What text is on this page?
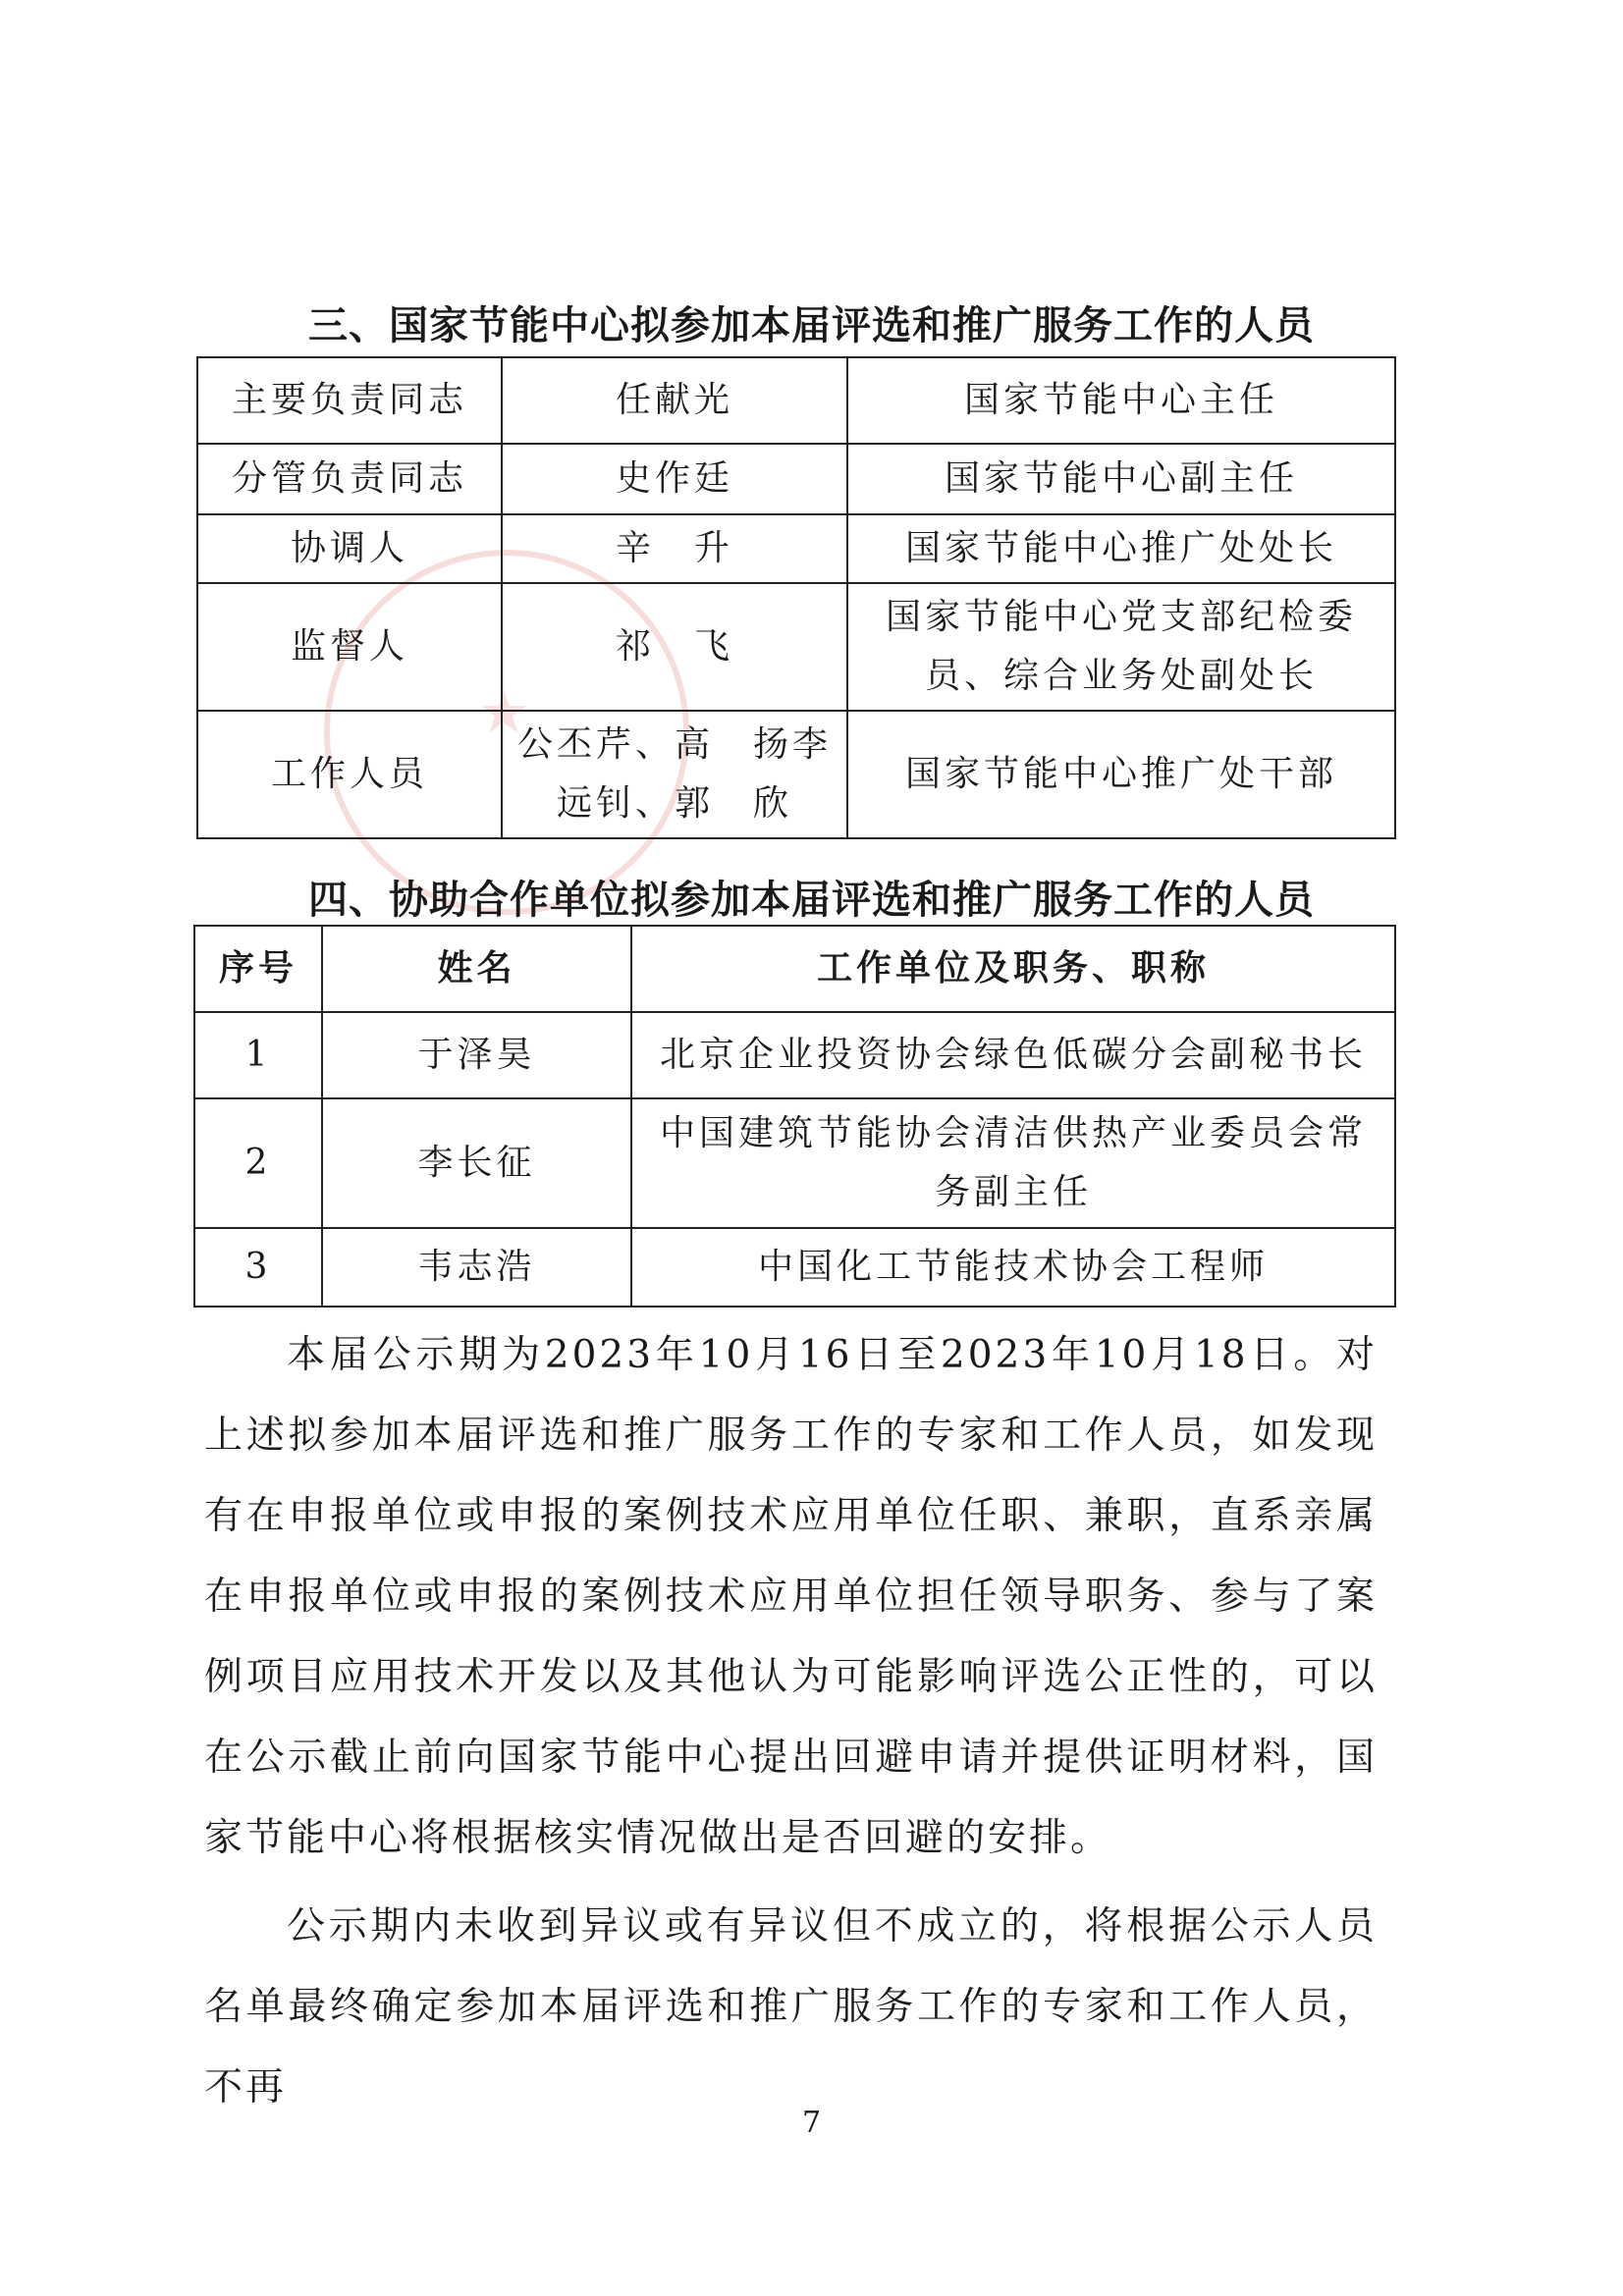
★
三、国家节能中心拟参加本届评选和推广服务工作的人员
主要负责同志	任献光	国家节能中心主任
分管负责同志	史作廷	国家节能中心副主任
协调人	辛　升	国家节能中心推广处处长
监督人	祁　飞	国家节能中心党支部纪检委员、综合业务处副处长
工作人员	公丕芹、高　扬李远钊、郭　欣	国家节能中心推广处干部
四、协助合作单位拟参加本届评选和推广服务工作的人员
序号	姓名	工作单位及职务、职称
1	于泽昊	北京企业投资协会绿色低碳分会副秘书长
2	李长征	中国建筑节能协会清洁供热产业委员会常务副主任
3	韦志浩	中国化工节能技术协会工程师

本届公示期为2023年10月16日至2023年10月18日。对上述拟参加本届评选和推广服务工作的专家和工作人员，如发现有在申报单位或申报的案例技术应用单位任职、兼职，直系亲属在申报单位或申报的案例技术应用单位担任领导职务、参与了案例项目应用技术开发以及其他认为可能影响评选公正性的，可以在公示截止前向国家节能中心提出回避申请并提供证明材料，国家节能中心将根据核实情况做出是否回避的安排。

公示期内未收到异议或有异议但不成立的，将根据公示人员名单最终确定参加本届评选和推广服务工作的专家和工作人员，不再

7
